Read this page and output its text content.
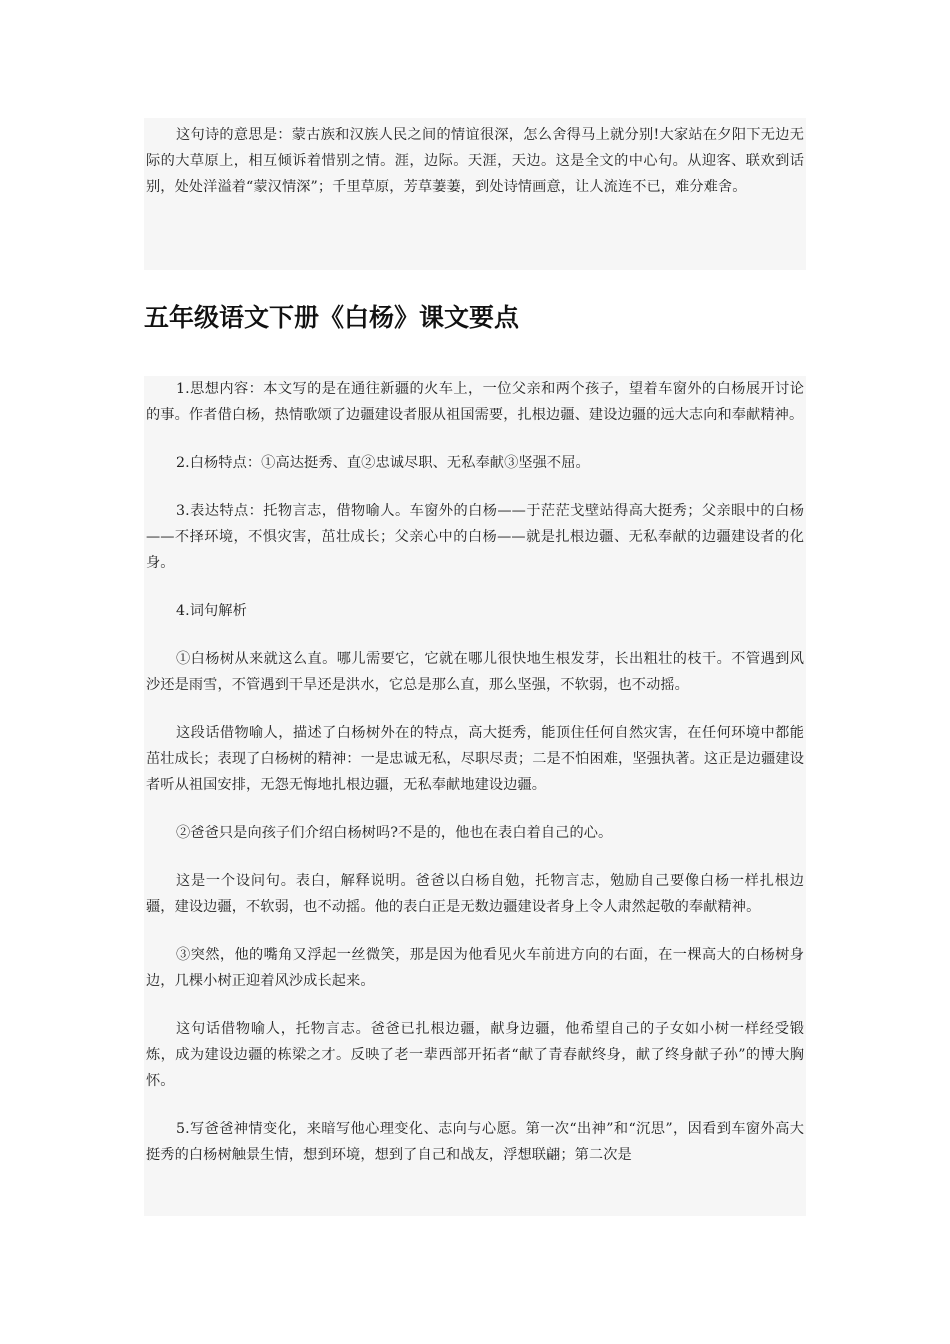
这句诗的意思是：蒙古族和汉族人民之间的情谊很深，怎么舍得马上就分别!大家站在夕阳下无边无际的大草原上，相互倾诉着惜别之情。涯，边际。天涯，天边。这是全文的中心句。从迎客、联欢到话别，处处洋溢着“蒙汉情深”；千里草原，芳草萋萋，到处诗情画意，让人流连不已，难分难舍。

五年级语文下册《白杨》课文要点

1.思想内容：本文写的是在通往新疆的火车上，一位父亲和两个孩子，望着车窗外的白杨展开讨论的事。作者借白杨，热情歌颂了边疆建设者服从祖国需要，扎根边疆、建设边疆的远大志向和奉献精神。

2.白杨特点：①高达挺秀、直②忠诚尽职、无私奉献③坚强不屈。

3.表达特点：托物言志，借物喻人。车窗外的白杨——于茫茫戈壁站得高大挺秀；父亲眼中的白杨——不择环境，不惧灾害，茁壮成长；父亲心中的白杨——就是扎根边疆、无私奉献的边疆建设者的化身。

4.词句解析

①白杨树从来就这么直。哪儿需要它，它就在哪儿很快地生根发芽，长出粗壮的枝干。不管遇到风沙还是雨雪，不管遇到干旱还是洪水，它总是那么直，那么坚强，不软弱，也不动摇。

这段话借物喻人，描述了白杨树外在的特点，高大挺秀，能顶住任何自然灾害，在任何环境中都能茁壮成长；表现了白杨树的精神：一是忠诚无私，尽职尽责；二是不怕困难，坚强执著。这正是边疆建设者听从祖国安排，无怨无悔地扎根边疆，无私奉献地建设边疆。

②爸爸只是向孩子们介绍白杨树吗?不是的，他也在表白着自己的心。

这是一个设问句。表白，解释说明。爸爸以白杨自勉，托物言志，勉励自己要像白杨一样扎根边疆，建设边疆，不软弱，也不动摇。他的表白正是无数边疆建设者身上令人肃然起敬的奉献精神。

③突然，他的嘴角又浮起一丝微笑，那是因为他看见火车前进方向的右面，在一棵高大的白杨树身边，几棵小树正迎着风沙成长起来。

这句话借物喻人，托物言志。爸爸已扎根边疆，献身边疆，他希望自己的子女如小树一样经受锻炼，成为建设边疆的栋梁之才。反映了老一辈西部开拓者“献了青春献终身，献了终身献子孙”的博大胸怀。

5.写爸爸神情变化，来暗写他心理变化、志向与心愿。第一次“出神”和“沉思”，因看到车窗外高大挺秀的白杨树触景生情，想到环境，想到了自己和战友，浮想联翩；第二次是
